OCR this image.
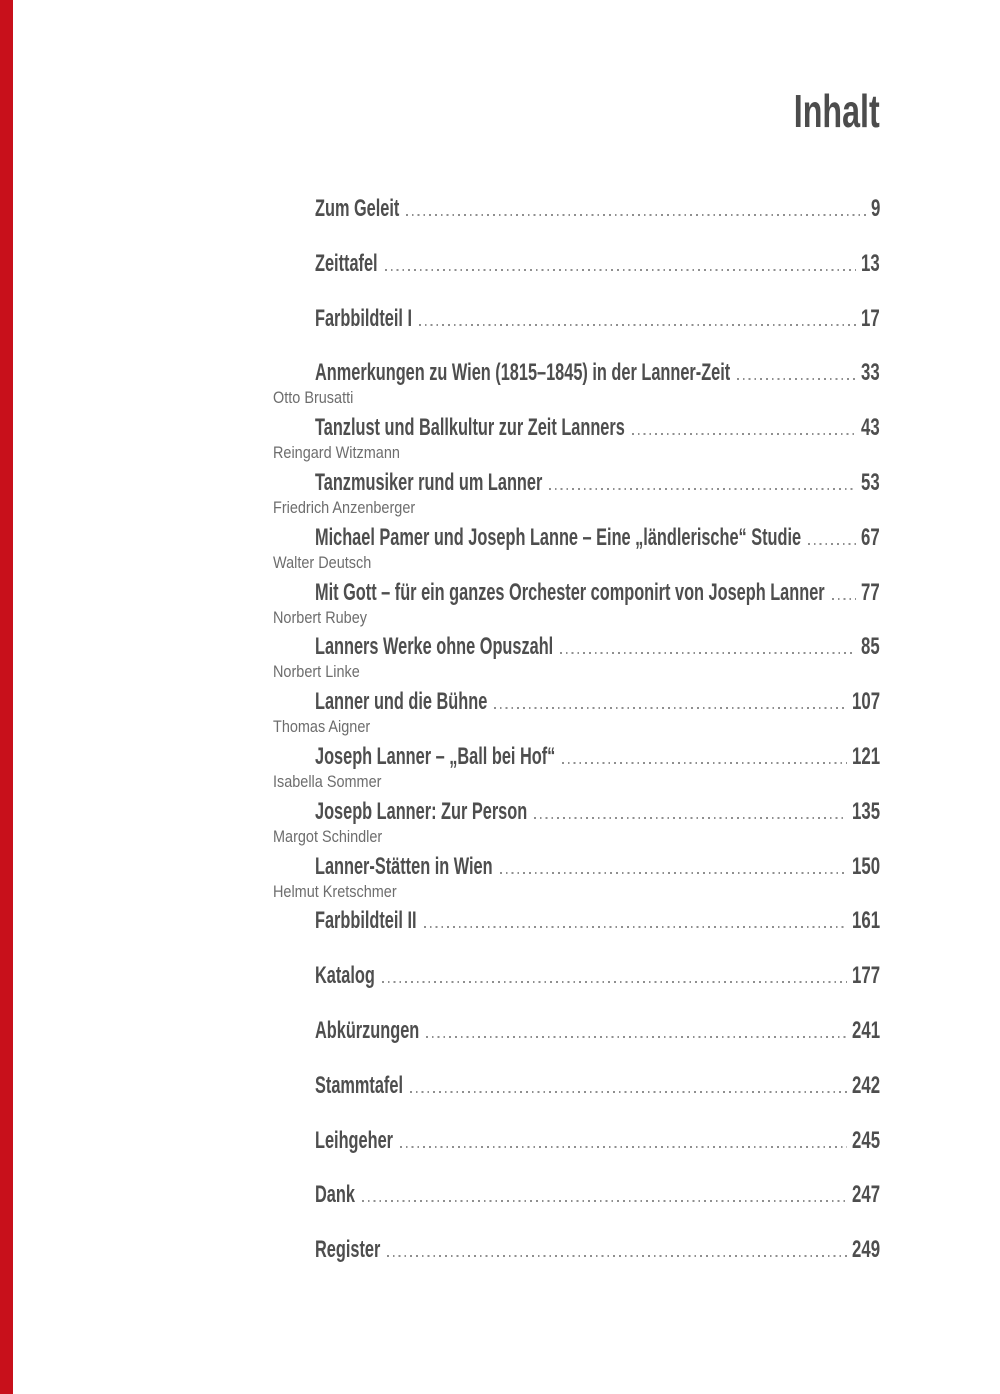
Inhalt
Zum Geleit	9
Zeittafel	13
Farbbildteil I	17
Anmerkungen zu Wien (1815–1845) in der Lanner-Zeit	33
Otto Brusatti
Tanzlust und Ballkultur zur Zeit Lanners	43
Reingard Witzmann
Tanzmusiker rund um Lanner	53
Friedrich Anzenberger
Michael Pamer und Joseph Lanne – Eine „ländlerische“ Studie	67
Walter Deutsch
Mit Gott – für ein ganzes Orchester componirt von Joseph Lanner 77
Norbert Rubey
Lanners Werke ohne Opuszahl	85
Norbert Linke
Lanner und die Bühne	107
Thomas Aigner
Joseph Lanner – „Ball bei Hof“	121
Isabella Sommer
Josepb Lanner: Zur Person	135
Margot Schindler
Lanner-Stätten in Wien	150
Helmut Kretschmer
Farbbildteil II	161
Katalog	177
Abkürzungen	241
Stammtafel	242
Leihgeher	245
Dank	247
Register	249
